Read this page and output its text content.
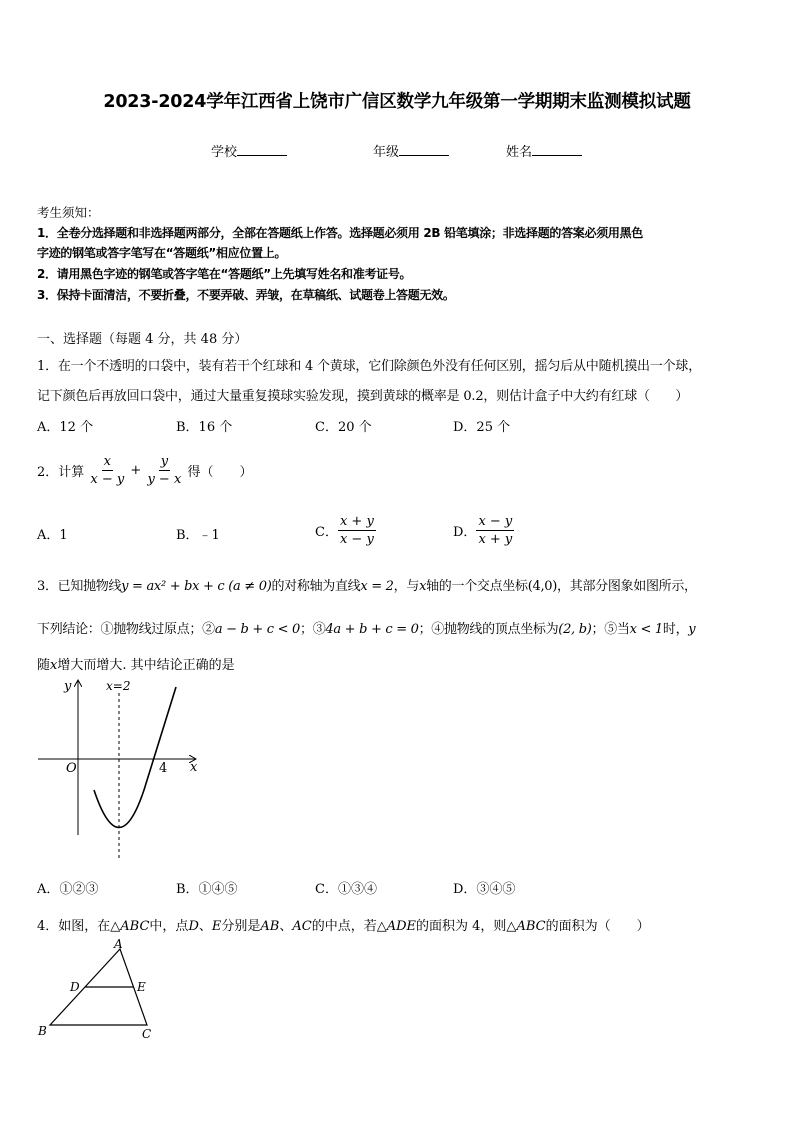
2023-2024学年江西省上饶市广信区数学九年级第一学期期末监测模拟试题
学校	年级	姓名
考生须知：
1．全卷分选择题和非选择题两部分，全部在答题纸上作答。选择题必须用 2B 铅笔填涂；非选择题的答案必须用黑色
字迹的钢笔或答字笔写在“答题纸”相应位置上。
2．请用黑色字迹的钢笔或答字笔在“答题纸”上先填写姓名和准考证号。
3．保持卡面清洁，不要折叠，不要弄破、弄皱，在草稿纸、试题卷上答题无效。
一、选择题（每题 4 分，共 48 分）
1．在一个不透明的口袋中，装有若干个红球和 4 个黄球，它们除颜色外没有任何区别，摇匀后从中随机摸出一个球，
记下颜色后再放回口袋中，通过大量重复摸球实验发现，摸到黄球的概率是 0.2，则估计盒子中大约有红球（　　）
A．12 个	B．16 个	C．20 个	D．25 个
2．计算 $\frac{x}{x - y} + \frac{y}{y - x}$ 得（　　）
A．1	B．﹣1	C． $\frac{x + y}{x - y}$	D． $\frac{x - y}{x + y}$
3．已知抛物线y = ax² + bx + c (a ≠ 0)的对称轴为直线x = 2，与x轴的一个交点坐标(4,0)，其部分图象如图所示，
下列结论：①抛物线过原点；②a − b + c < 0；③4a + b + c = 0；④抛物线的顶点坐标为(2, b)；⑤当x < 1时，y
随x增大而增大. 其中结论正确的是
y
x
x=2
O	4
A．①②③	B．①④⑤	C．①③④	D．③④⑤
4．如图，在△ABC中，点D、E分别是AB、AC的中点，若△ADE的面积为 4，则△ABC的面积为（　　）
A
B	C
D	E
